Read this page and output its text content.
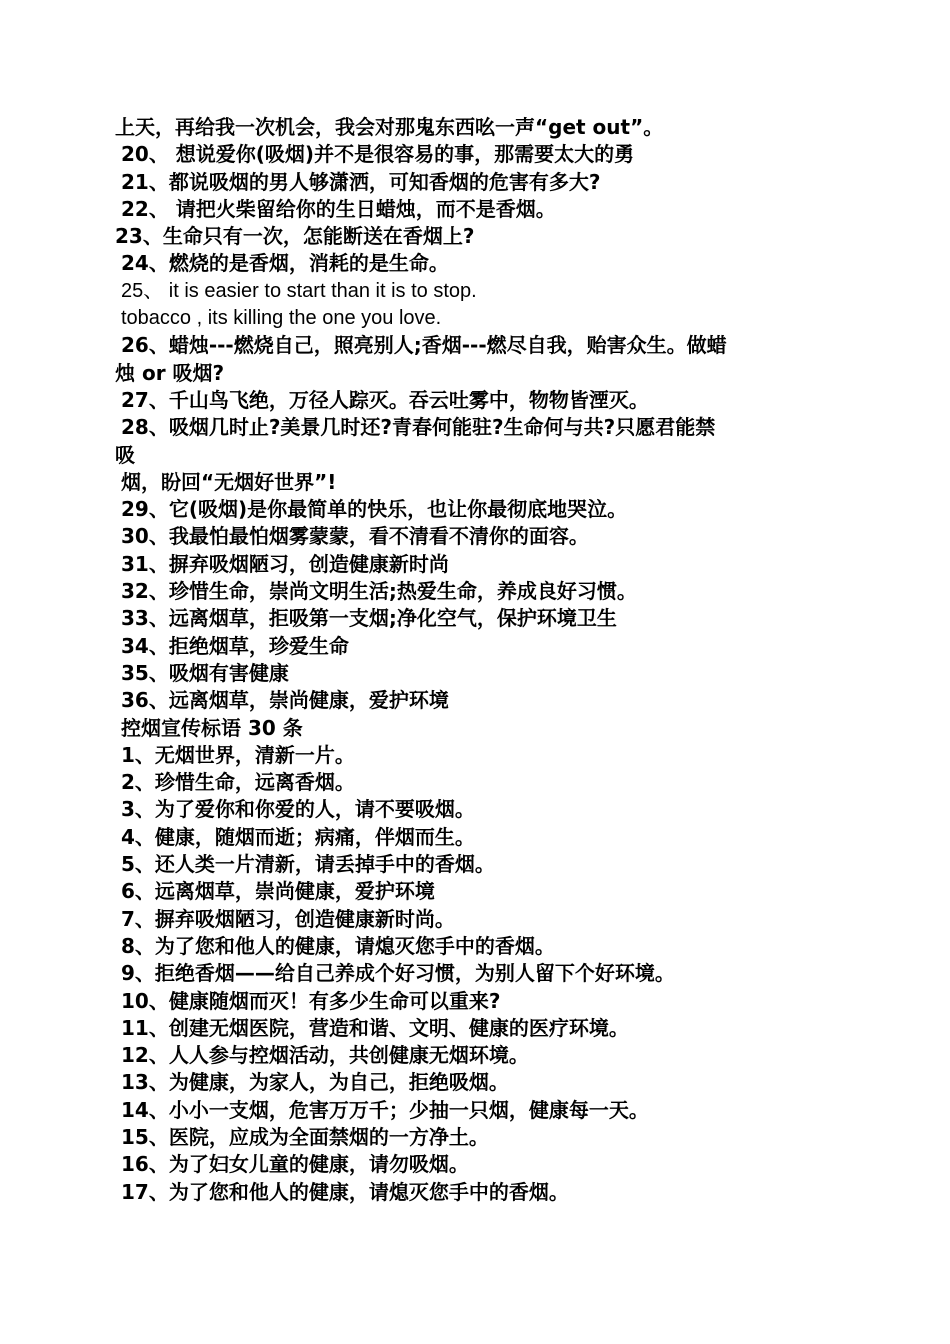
上天，再给我一次机会，我会对那鬼东西吆一声“get out”。
20、 想说爱你(吸烟)并不是很容易的事，那需要太大的勇
21、都说吸烟的男人够潇洒，可知香烟的危害有多大?
22、 请把火柴留给你的生日蜡烛，而不是香烟。
23、生命只有一次，怎能断送在香烟上?
24、燃烧的是香烟，消耗的是生命。
25、 it is easier to start than it is to stop.
tobacco , its killing the one you love.
26、蜡烛---燃烧自己，照亮别人;香烟---燃尽自我，贻害众生。做蜡
烛 or 吸烟?
27、千山鸟飞绝，万径人踪灭。吞云吐雾中，物物皆湮灭。
28、吸烟几时止?美景几时还?青春何能驻?生命何与共?只愿君能禁
吸
烟，盼回“无烟好世界”!
29、它(吸烟)是你最简单的快乐，也让你最彻底地哭泣。
30、我最怕最怕烟雾蒙蒙，看不清看不清你的面容。
31、摒弃吸烟陋习，创造健康新时尚
32、珍惜生命，崇尚文明生活;热爱生命，养成良好习惯。
33、远离烟草，拒吸第一支烟;净化空气，保护环境卫生
34、拒绝烟草，珍爱生命
35、吸烟有害健康
36、远离烟草，崇尚健康，爱护环境
控烟宣传标语 30 条
1、无烟世界，清新一片。
2、珍惜生命，远离香烟。
3、为了爱你和你爱的人，请不要吸烟。
4、健康，随烟而逝；病痛，伴烟而生。
5、还人类一片清新，请丢掉手中的香烟。
6、远离烟草，崇尚健康，爱护环境
7、摒弃吸烟陋习，创造健康新时尚。
8、为了您和他人的健康，请熄灭您手中的香烟。
9、拒绝香烟——给自己养成个好习惯，为别人留下个好环境。
10、健康随烟而灭！有多少生命可以重来?
11、创建无烟医院，营造和谐、文明、健康的医疗环境。
12、人人参与控烟活动，共创健康无烟环境。
13、为健康，为家人，为自己，拒绝吸烟。
14、小小一支烟，危害万万千；少抽一只烟，健康每一天。
15、医院，应成为全面禁烟的一方净土。
16、为了妇女儿童的健康，请勿吸烟。
17、为了您和他人的健康，请熄灭您手中的香烟。
